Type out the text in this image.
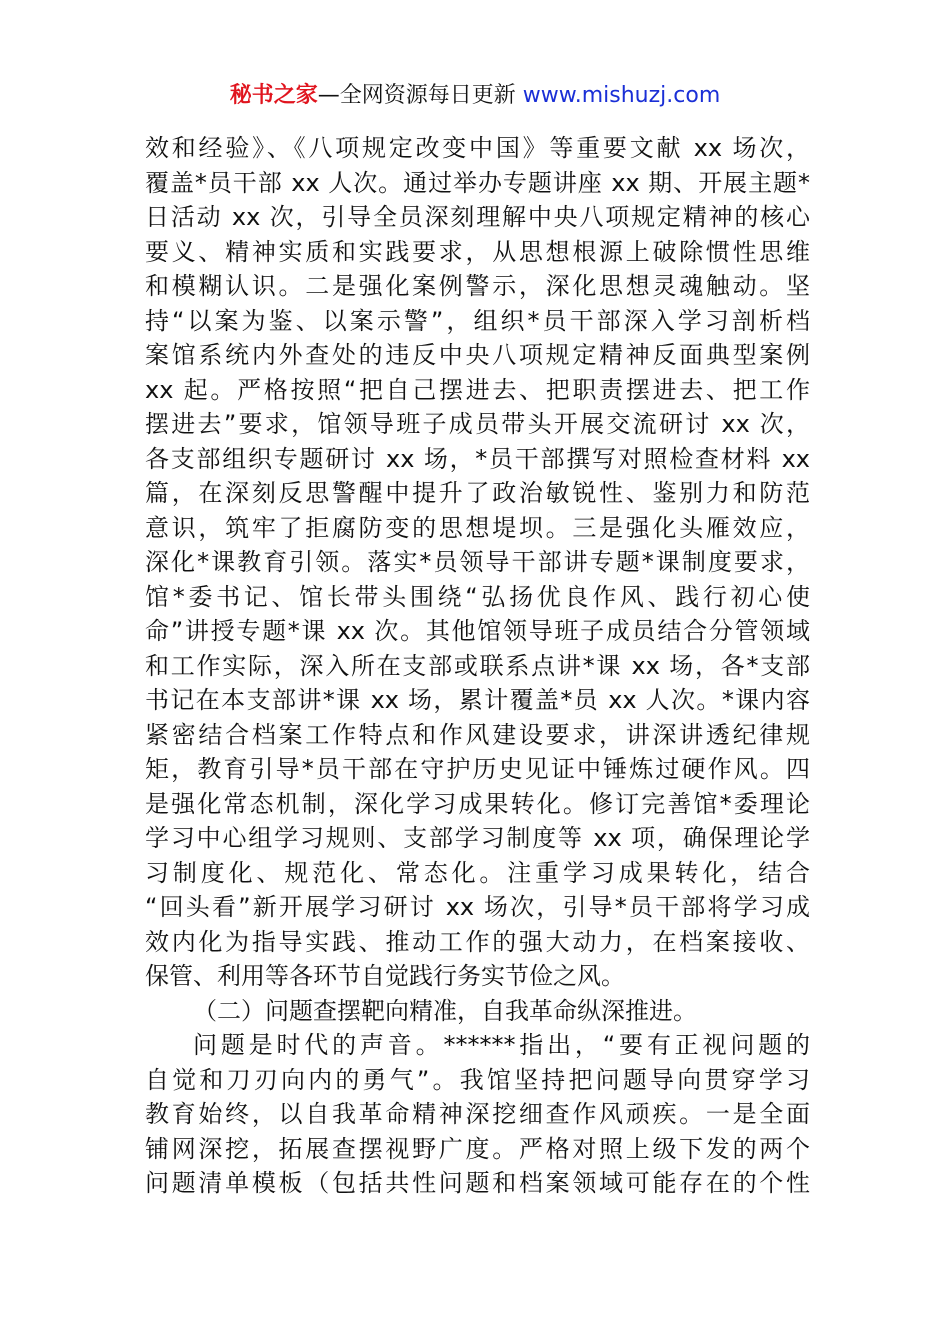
秘书之家—全网资源每日更新 www.mishuzj.com
效和经验》、《八项规定改变中国》等重要文献 xx 场次，
覆盖*员干部 xx 人次。通过举办专题讲座 xx 期、开展主题*
日活动 xx 次，引导全员深刻理解中央八项规定精神的核心
要义、精神实质和实践要求，从思想根源上破除惯性思维
和模糊认识。二是强化案例警示，深化思想灵魂触动。坚
持“以案为鉴、以案示警”，组织*员干部深入学习剖析档
案馆系统内外查处的违反中央八项规定精神反面典型案例
xx 起。严格按照“把自己摆进去、把职责摆进去、把工作
摆进去”要求，馆领导班子成员带头开展交流研讨 xx 次，
各支部组织专题研讨 xx 场，*员干部撰写对照检查材料 xx
篇，在深刻反思警醒中提升了政治敏锐性、鉴别力和防范
意识，筑牢了拒腐防变的思想堤坝。三是强化头雁效应，
深化*课教育引领。落实*员领导干部讲专题*课制度要求，
馆*委书记、馆长带头围绕“弘扬优良作风、践行初心使
命”讲授专题*课 xx 次。其他馆领导班子成员结合分管领域
和工作实际，深入所在支部或联系点讲*课 xx 场，各*支部
书记在本支部讲*课 xx 场，累计覆盖*员 xx 人次。*课内容
紧密结合档案工作特点和作风建设要求，讲深讲透纪律规
矩，教育引导*员干部在守护历史见证中锤炼过硬作风。四
是强化常态机制，深化学习成果转化。修订完善馆*委理论
学习中心组学习规则、支部学习制度等 xx 项，确保理论学
习制度化、规范化、常态化。注重学习成果转化，结合
“回头看”新开展学习研讨 xx 场次，引导*员干部将学习成
效内化为指导实践、推动工作的强大动力，在档案接收、
保管、利用等各环节自觉践行务实节俭之风。
（二）问题查摆靶向精准，自我革命纵深推进。
问题是时代的声音。******指出，“要有正视问题的
自觉和刀刃向内的勇气”。我馆坚持把问题导向贯穿学习
教育始终，以自我革命精神深挖细查作风顽疾。一是全面
铺网深挖，拓展查摆视野广度。严格对照上级下发的两个
问题清单模板（包括共性问题和档案领域可能存在的个性
